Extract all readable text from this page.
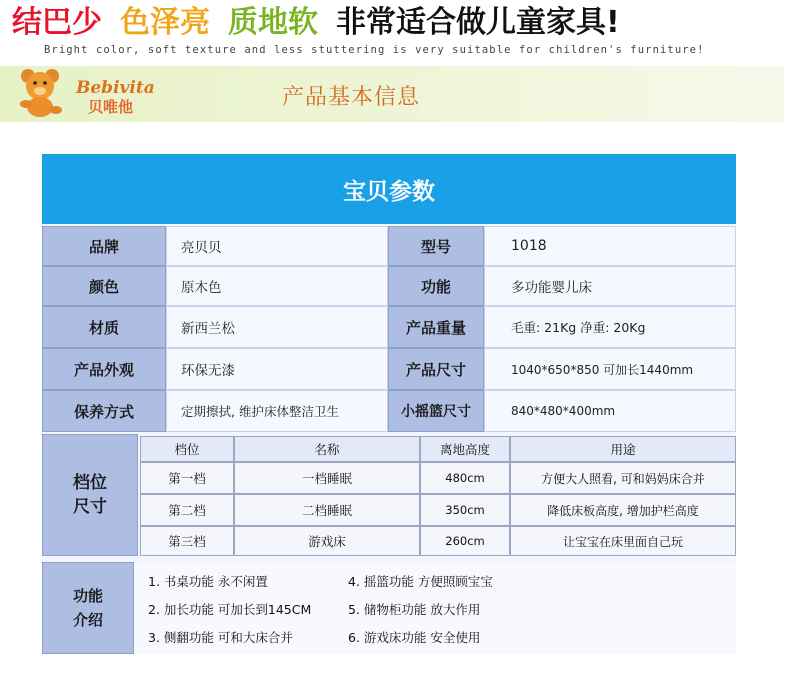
结巴少 色泽亮 质地软 非常适合做儿童家具!
Bright color, soft texture and less stuttering is very suitable for children's furniture!
Bebivita
贝唯他	产品基本信息
宝贝参数
品牌	亮贝贝	型号	1018
颜色	原木色	功能	多功能婴儿床
材质	新西兰松	产品重量	毛重: 21Kg 净重: 20Kg
产品外观	环保无漆	产品尺寸	1040*650*850 可加长1440mm
保养方式	定期擦拭, 维护床体整洁卫生	小摇篮尺寸	840*480*400mm
档位
尺寸
档位	名称	离地高度	用途
第一档	一档睡眠	480cm	方便大人照看, 可和妈妈床合并
第二档	二档睡眠	350cm	降低床板高度, 增加护栏高度
第三档	游戏床	260cm	让宝宝在床里面自己玩
功能
介绍
1. 书桌功能 永不闲置	4. 摇篮功能 方便照顾宝宝
2. 加长功能 可加长到145CM	5. 储物柜功能 放大作用
3. 侧翻功能 可和大床合并	6. 游戏床功能 安全使用
